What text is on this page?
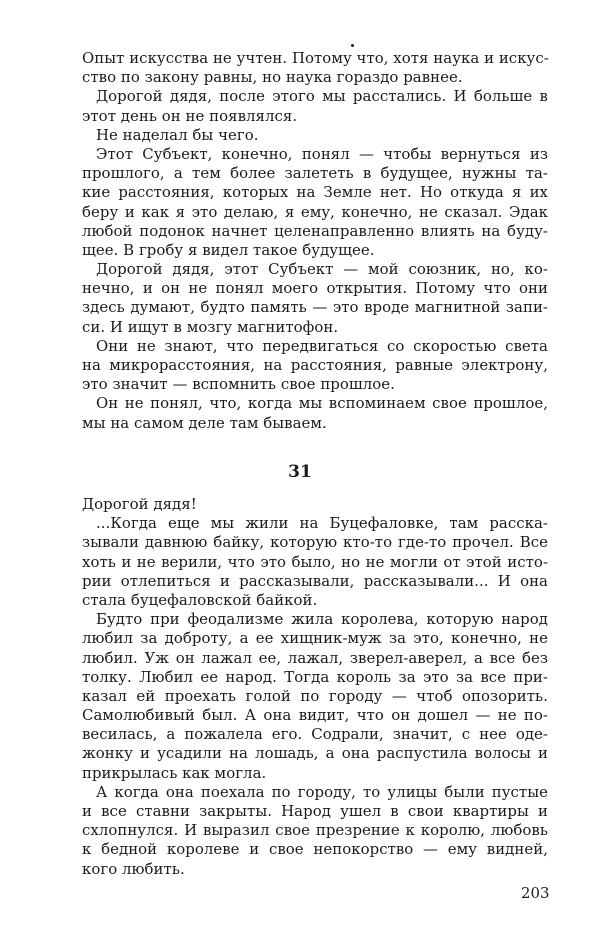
Опыт искусства не учтен. Потому что, хотя наука и искус-
ство по закону равны, но наука гораздо равнее.
Дорогой дядя, после этого мы расстались. И больше в
этот день он не появлялся.
Не наделал бы чего.
Этот Субъект, конечно, понял — чтобы вернуться из
прошлого, а тем более залететь в будущее, нужны та-
кие расстояния, которых на Земле нет. Но откуда я их
беру и как я это делаю, я ему, конечно, не сказал. Эдак
любой подонок начнет целенаправленно влиять на буду-
щее. В гробу я видел такое будущее.
Дорогой дядя, этот Субъект — мой союзник, но, ко-
нечно, и он не понял моего открытия. Потому что они
здесь думают, будто память — это вроде магнитной запи-
си. И ищут в мозгу магнитофон.
Они не знают, что передвигаться со скоростью света
на микрорасстояния, на расстояния, равные электрону,
это значит — вспомнить свое прошлое.
Он не понял, что, когда мы вспоминаем свое прошлое,
мы на самом деле там бываем.
31
Дорогой дядя!
...Когда еще мы жили на Буцефаловке, там расска-
зывали давнюю байку, которую кто-то где-то прочел. Все
хоть и не верили, что это было, но не могли от этой исто-
рии отлепиться и рассказывали, рассказывали... И она
стала буцефаловской байкой.
Будто при феодализме жила королева, которую народ
любил за доброту, а ее хищник-муж за это, конечно, не
любил. Уж он лажал ее, лажал, зверел-аверел, а все без
толку. Любил ее народ. Тогда король за это за все при-
казал ей проехать голой по городу — чтоб опозорить.
Самолюбивый был. А она видит, что он дошел — не по-
весилась, а пожалела его. Содрали, значит, с нее оде-
жонку и усадили на лошадь, а она распустила волосы и
прикрылась как могла.
А когда она поехала по городу, то улицы были пустые
и все ставни закрыты. Народ ушел в свои квартиры и
схлопнулся. И выразил свое презрение к королю, любовь
к бедной королеве и свое непокорство — ему видней,
кого любить.
203
